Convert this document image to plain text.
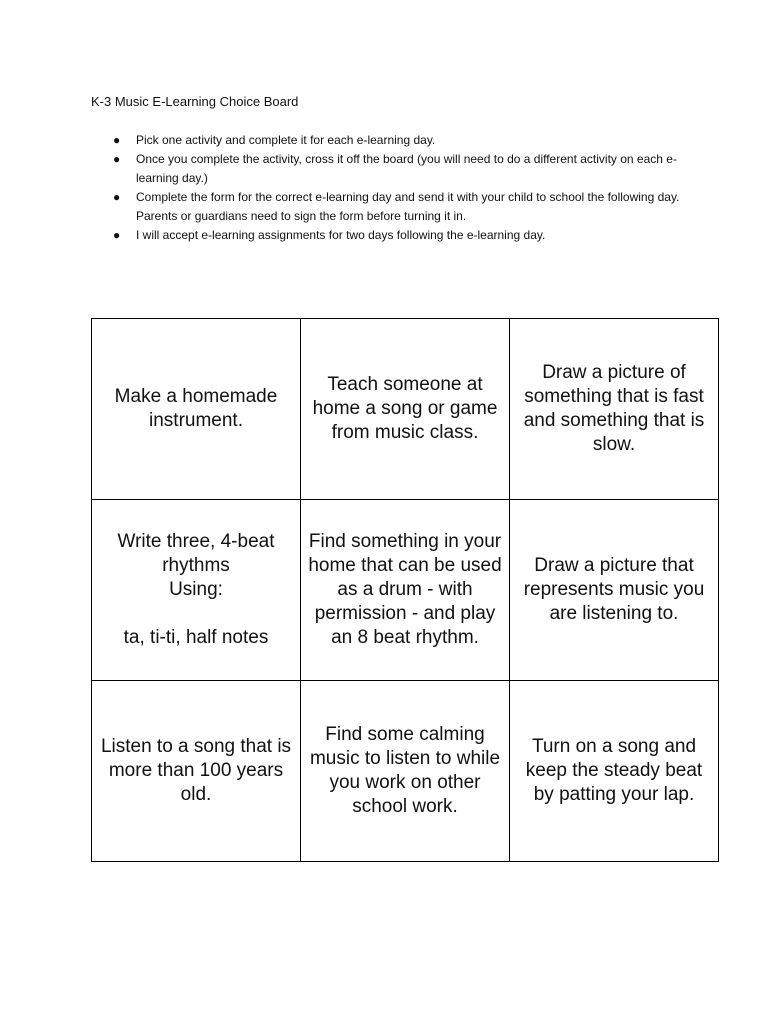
K-3 Music E-Learning Choice Board
●	Pick one activity and complete it for each e-learning day.
●	Once you complete the activity, cross it off the board (you will need to do a different activity on each e-learning day.)
●	Complete the form for the correct e-learning day and send it with your child to school the following day. Parents or guardians need to sign the form before turning it in.
●	I will accept e-learning assignments for two days following the e-learning day.
Make a homemade instrument.	Teach someone at home a song or game from music class.	Draw a picture of something that is fast and something that is slow.
Write three, 4-beat rhythms
Using:

ta, ti-ti, half notes	Find something in your home that can be used as a drum - with permission - and play an 8 beat rhythm.	Draw a picture that represents music you are listening to.
Listen to a song that is more than 100 years old.	Find some calming music to listen to while you work on other school work.	Turn on a song and keep the steady beat by patting your lap.
